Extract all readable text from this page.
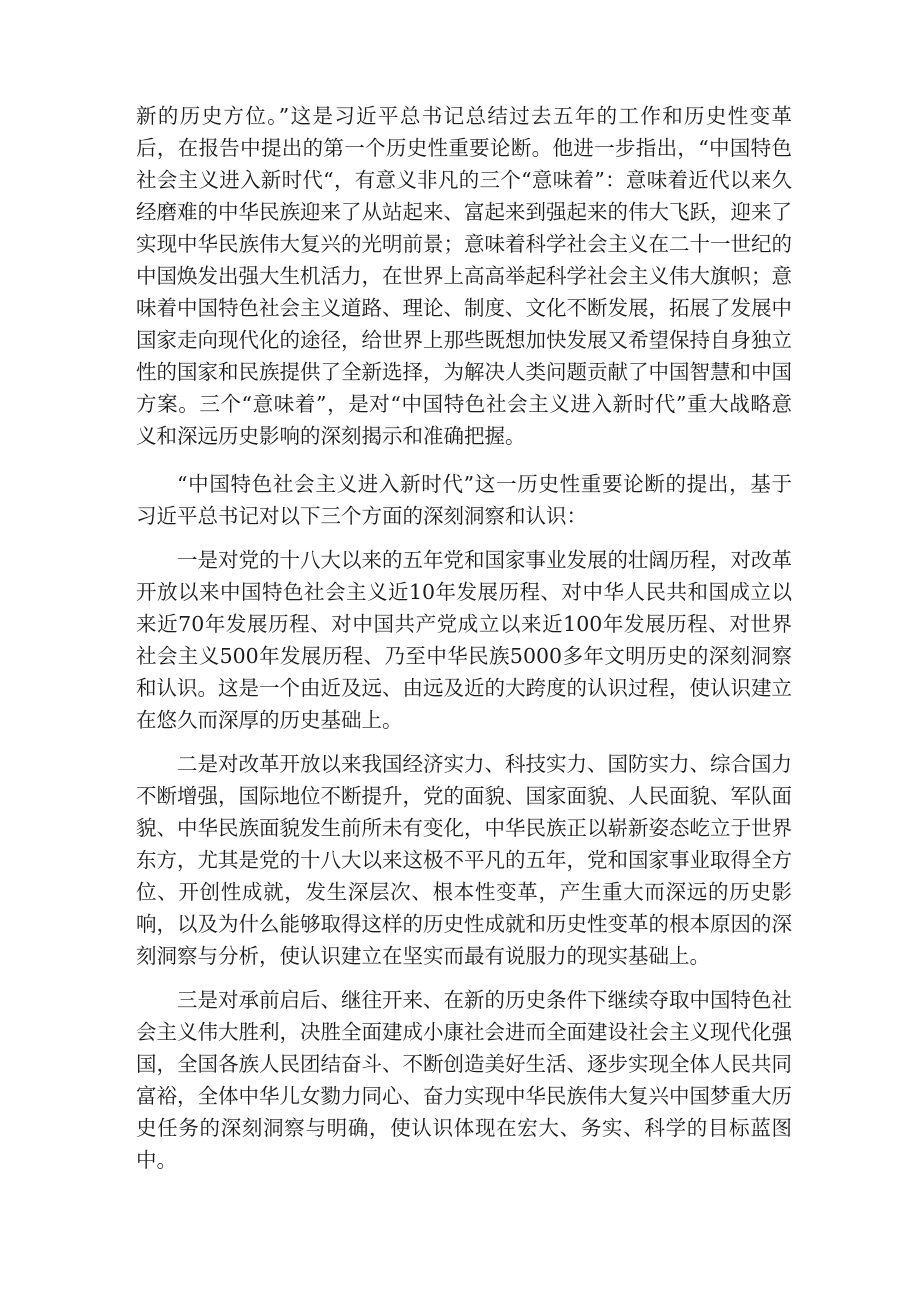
新的历史方位。”这是习近平总书记总结过去五年的工作和历史性变革后，在报告中提出的第一个历史性重要论断。他进一步指出，“中国特色社会主义进入新时代“，有意义非凡的三个“意味着”：意味着近代以来久经磨难的中华民族迎来了从站起来、富起来到强起来的伟大飞跃，迎来了实现中华民族伟大复兴的光明前景；意味着科学社会主义在二十一世纪的中国焕发出强大生机活力，在世界上高高举起科学社会主义伟大旗帜；意味着中国特色社会主义道路、理论、制度、文化不断发展，拓展了发展中国家走向现代化的途径，给世界上那些既想加快发展又希望保持自身独立性的国家和民族提供了全新选择，为解决人类问题贡献了中国智慧和中国方案。三个“意味着”，是对“中国特色社会主义进入新时代”重大战略意义和深远历史影响的深刻揭示和准确把握。

“中国特色社会主义进入新时代”这一历史性重要论断的提出，基于习近平总书记对以下三个方面的深刻洞察和认识：

一是对党的十八大以来的五年党和国家事业发展的壮阔历程，对改革开放以来中国特色社会主义近10年发展历程、对中华人民共和国成立以来近70年发展历程、对中国共产党成立以来近100年发展历程、对世界社会主义500年发展历程、乃至中华民族5000多年文明历史的深刻洞察和认识。这是一个由近及远、由远及近的大跨度的认识过程，使认识建立在悠久而深厚的历史基础上。

二是对改革开放以来我国经济实力、科技实力、国防实力、综合国力不断增强，国际地位不断提升，党的面貌、国家面貌、人民面貌、军队面貌、中华民族面貌发生前所未有变化，中华民族正以崭新姿态屹立于世界东方，尤其是党的十八大以来这极不平凡的五年，党和国家事业取得全方位、开创性成就，发生深层次、根本性变革，产生重大而深远的历史影响，以及为什么能够取得这样的历史性成就和历史性变革的根本原因的深刻洞察与分析，使认识建立在坚实而最有说服力的现实基础上。

三是对承前启后、继往开来、在新的历史条件下继续夺取中国特色社会主义伟大胜利，决胜全面建成小康社会进而全面建设社会主义现代化强国，全国各族人民团结奋斗、不断创造美好生活、逐步实现全体人民共同富裕，全体中华儿女勠力同心、奋力实现中华民族伟大复兴中国梦重大历史任务的深刻洞察与明确，使认识体现在宏大、务实、科学的目标蓝图中。
